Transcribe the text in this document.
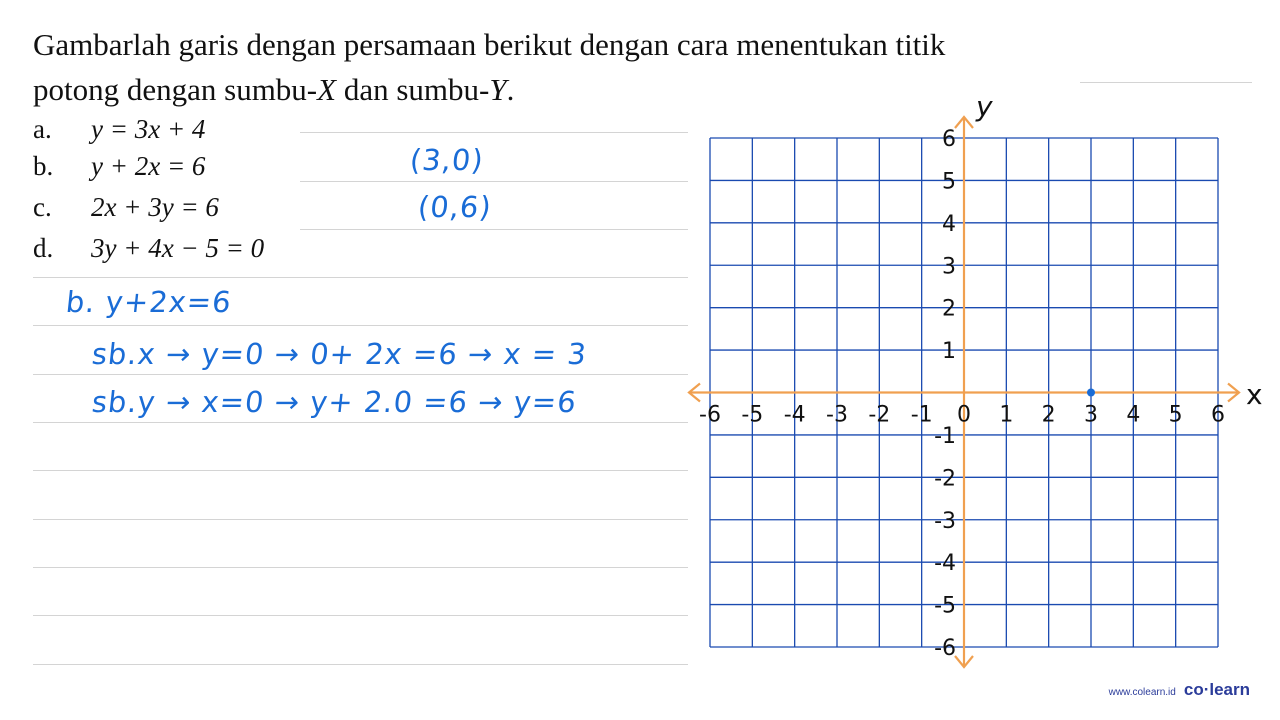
Gambarlah garis dengan persamaan berikut dengan cara menentukan titik
potong dengan sumbu-X dan sumbu-Y.
a. y = 3x + 4
b. y + 2x = 6
c. 2x + 3y = 6
d. 3y + 4x − 5 = 0
(3,0)
(0,6)
b. y+2x=6
sb.x → y=0 → 0+ 2x =6 → x = 3
sb.y → x=0 → y+ 2.0 =6 → y=6	-6 -5 -4 -3 -2 -1 0 1 2 3 4 5 6
6
5
4
3
2
1
-1
-2
-3
-4
-5
-6
x
y
www.colearn.id co·learn
